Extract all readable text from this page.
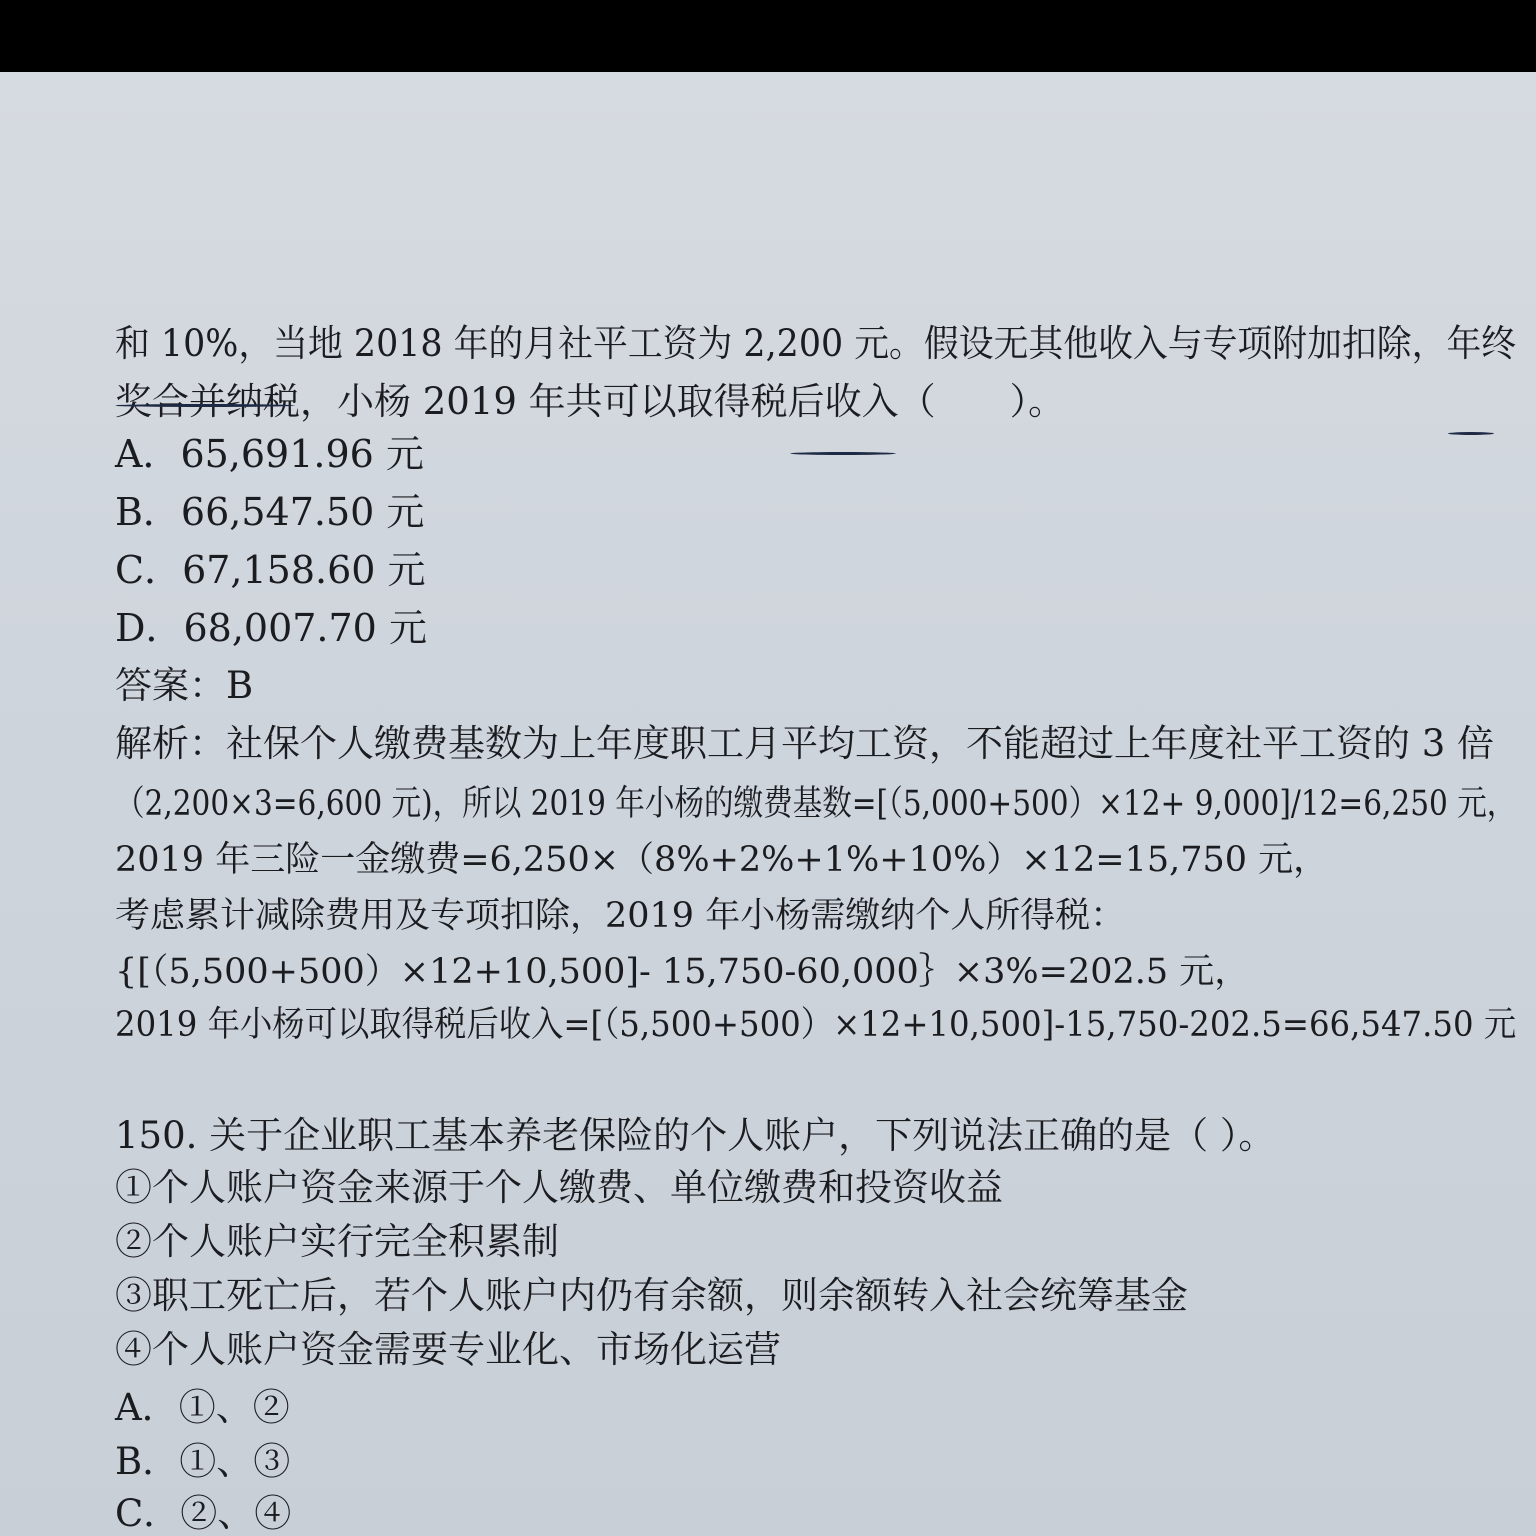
和 10%，当地 2018 年的月社平工资为 2,200 元。假设无其他收入与专项附加扣除，年终
奖合并纳税，小杨 2019 年共可以取得税后收入（　　）。
A．65,691.96 元
B．66,547.50 元
C．67,158.60 元
D．68,007.70 元
答案：B
解析：社保个人缴费基数为上年度职工月平均工资，不能超过上年度社平工资的 3 倍
（2,200×3=6,600 元)，所以 2019 年小杨的缴费基数=[（5,000+500）×12+ 9,000]/12=6,250 元，
2019 年三险一金缴费=6,250×（8%+2%+1%+10%）×12=15,750 元，
考虑累计减除费用及专项扣除，2019 年小杨需缴纳个人所得税：
{[（5,500+500）×12+10,500]- 15,750-60,000｝×3%=202.5 元，
2019 年小杨可以取得税后收入=[（5,500+500）×12+10,500]-15,750-202.5=66,547.50 元
150. 关于企业职工基本养老保险的个人账户，下列说法正确的是（ ）。
①个人账户资金来源于个人缴费、单位缴费和投资收益
②个人账户实行完全积累制
③职工死亡后，若个人账户内仍有余额，则余额转入社会统筹基金
④个人账户资金需要专业化、市场化运营
A．①、②
B．①、③
C．②、④
